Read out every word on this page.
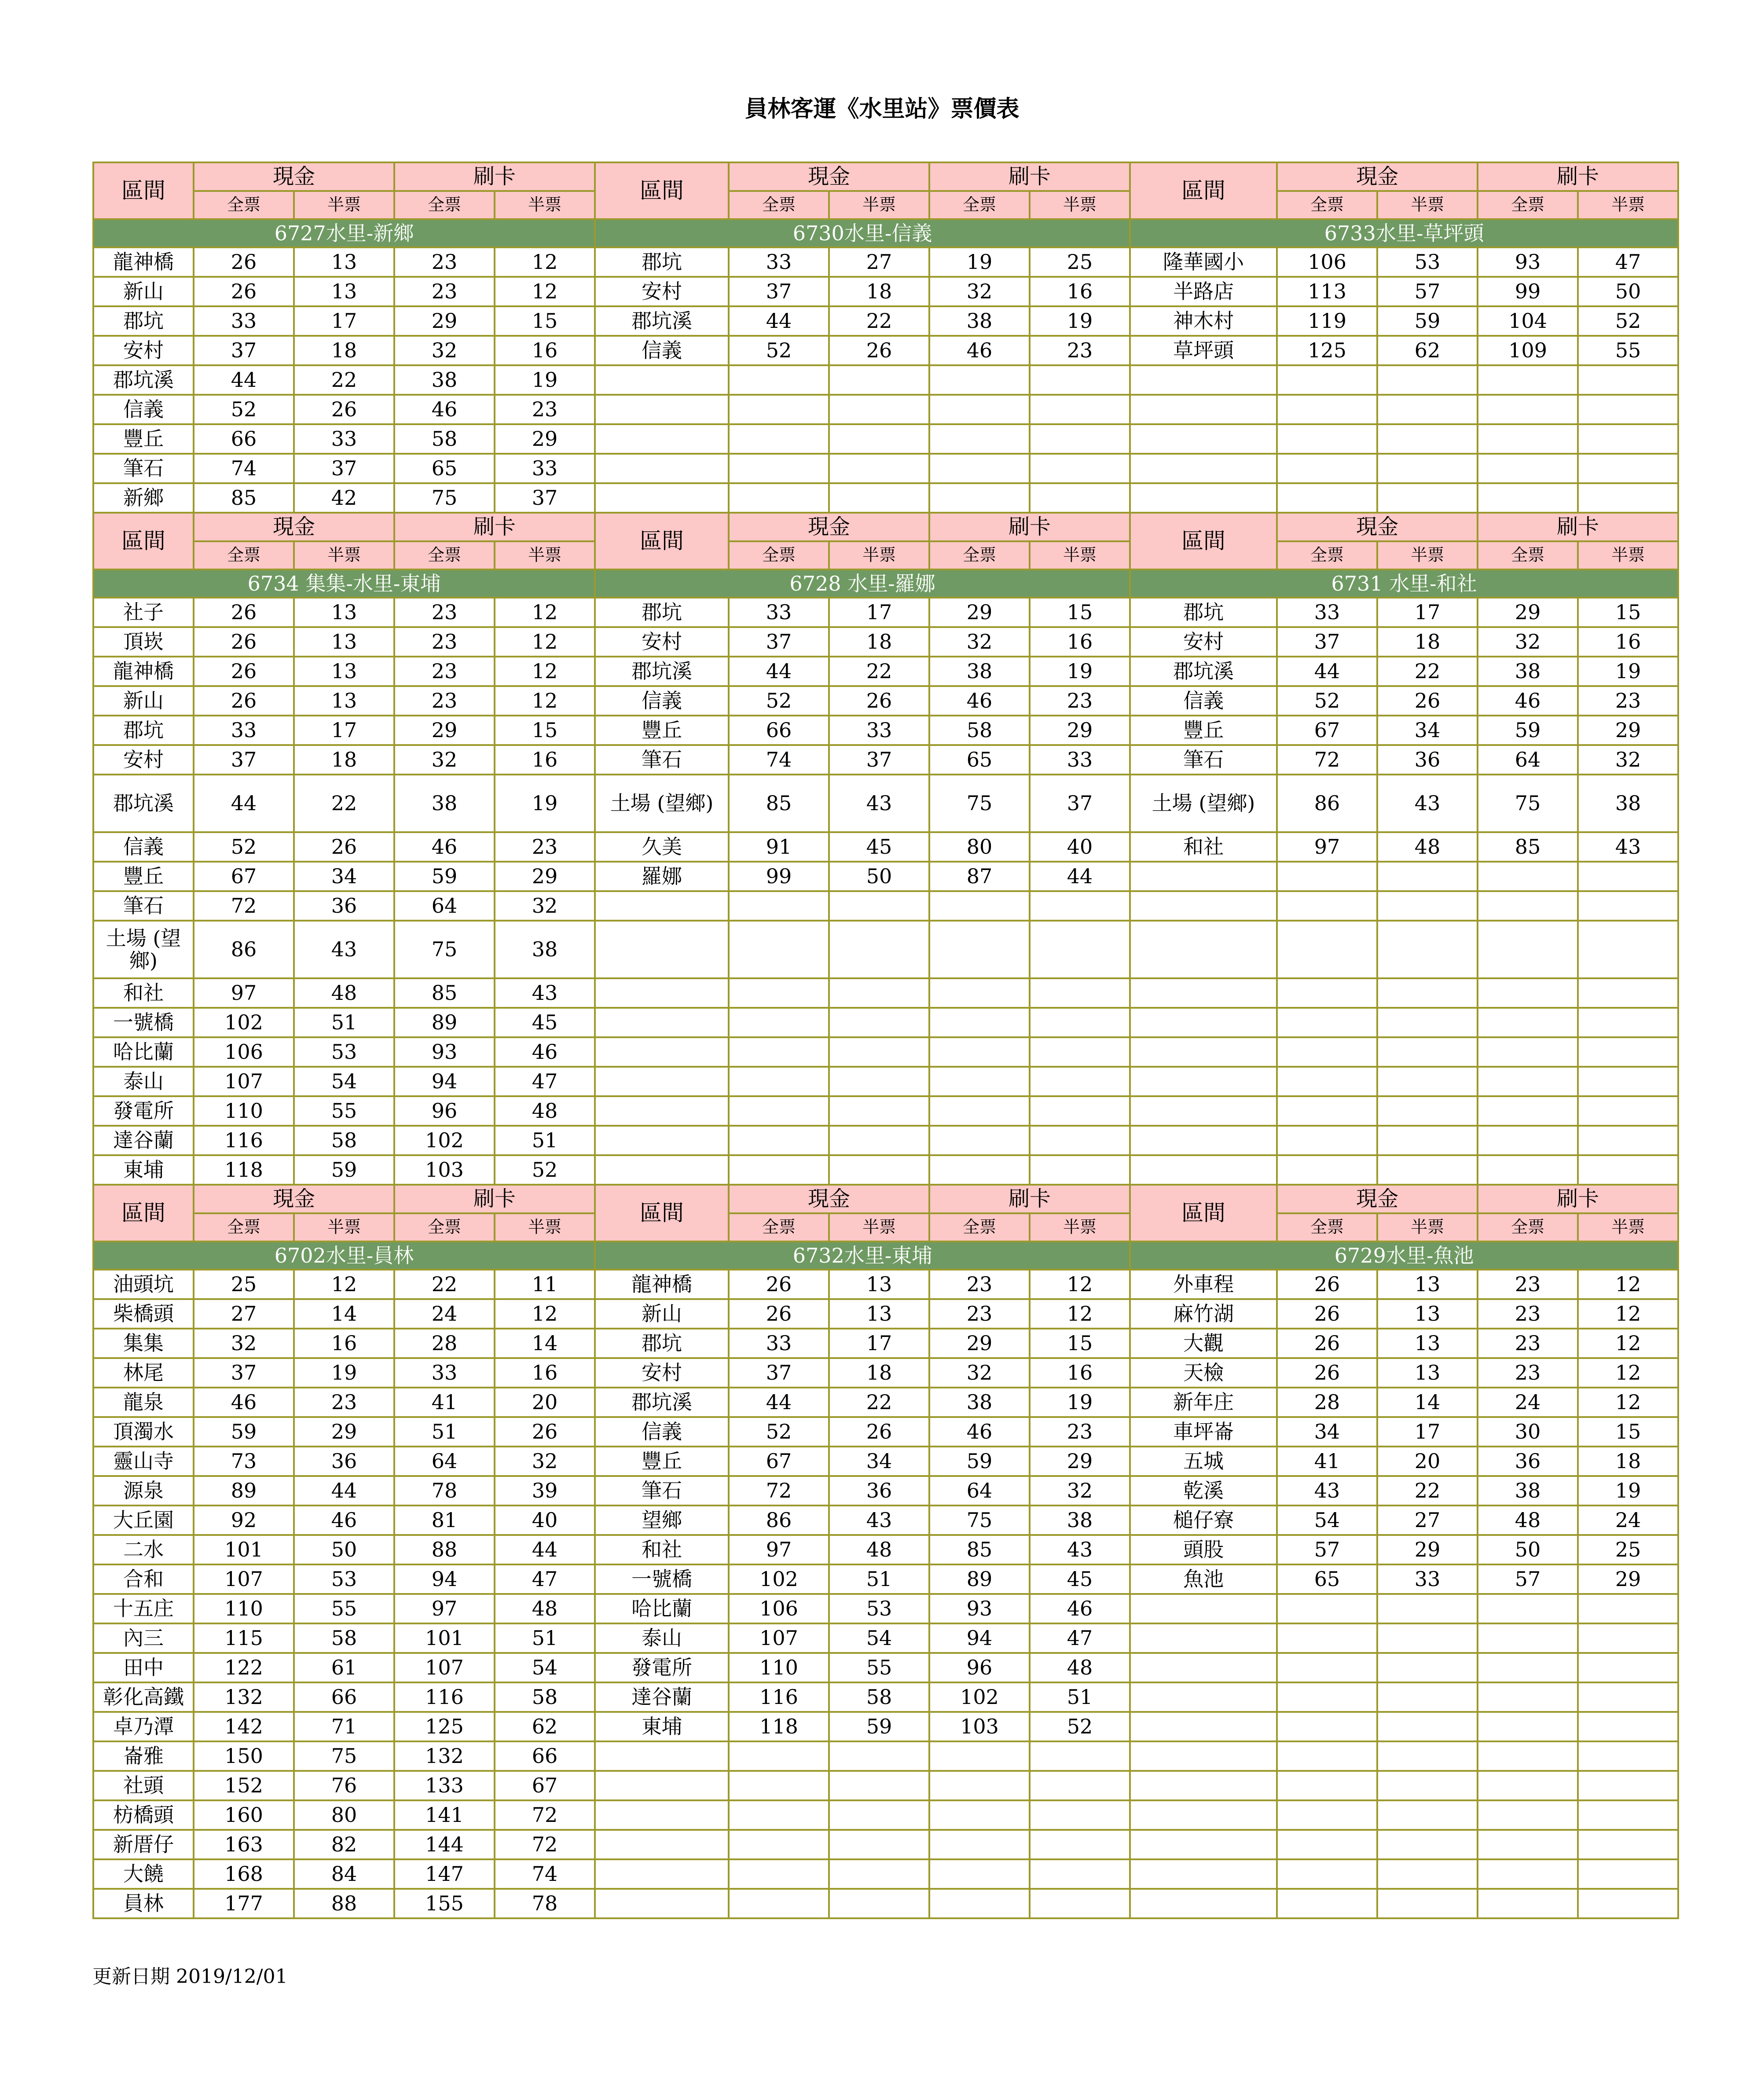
員林客運《水里站》票價表
區間	現金		刷卡		區間	現金		刷卡		區間	現金		刷卡	
	全票	半票	全票	半票		全票	半票	全票	半票		全票	半票	全票	半票
6727水里-新鄉					6730水里-信義					6733水里-草坪頭				
龍神橋	26	13	23	12	郡坑	33	27	19	25	隆華國小	106	53	93	47
新山	26	13	23	12	安村	37	18	32	16	半路店	113	57	99	50
郡坑	33	17	29	15	郡坑溪	44	22	38	19	神木村	119	59	104	52
安村	37	18	32	16	信義	52	26	46	23	草坪頭	125	62	109	55
郡坑溪	44	22	38	19										
信義	52	26	46	23										
豐丘	66	33	58	29										
筆石	74	37	65	33										
新鄉	85	42	75	37										
區間	現金		刷卡		區間	現金		刷卡		區間	現金		刷卡	
	全票	半票	全票	半票		全票	半票	全票	半票		全票	半票	全票	半票
6734 集集-水里-東埔					6728 水里-羅娜					6731 水里-和社				
社子	26	13	23	12	郡坑	33	17	29	15	郡坑	33	17	29	15
頂崁	26	13	23	12	安村	37	18	32	16	安村	37	18	32	16
龍神橋	26	13	23	12	郡坑溪	44	22	38	19	郡坑溪	44	22	38	19
新山	26	13	23	12	信義	52	26	46	23	信義	52	26	46	23
郡坑	33	17	29	15	豐丘	66	33	58	29	豐丘	67	34	59	29
安村	37	18	32	16	筆石	74	37	65	33	筆石	72	36	64	32
郡坑溪	44	22	38	19	土場 (望鄉)	85	43	75	37	土場 (望鄉)	86	43	75	38
信義	52	26	46	23	久美	91	45	80	40	和社	97	48	85	43
豐丘	67	34	59	29	羅娜	99	50	87	44					
筆石	72	36	64	32										
土場 (望鄉)	86	43	75	38										
和社	97	48	85	43										
一號橋	102	51	89	45										
哈比蘭	106	53	93	46										
泰山	107	54	94	47										
發電所	110	55	96	48										
達谷蘭	116	58	102	51										
東埔	118	59	103	52										
區間	現金		刷卡		區間	現金		刷卡		區間	現金		刷卡	
	全票	半票	全票	半票		全票	半票	全票	半票		全票	半票	全票	半票
6702水里-員林					6732水里-東埔					6729水里-魚池				
油頭坑	25	12	22	11	龍神橋	26	13	23	12	外車程	26	13	23	12
柴橋頭	27	14	24	12	新山	26	13	23	12	麻竹湖	26	13	23	12
集集	32	16	28	14	郡坑	33	17	29	15	大觀	26	13	23	12
林尾	37	19	33	16	安村	37	18	32	16	天檢	26	13	23	12
龍泉	46	23	41	20	郡坑溪	44	22	38	19	新年庄	28	14	24	12
頂濁水	59	29	51	26	信義	52	26	46	23	車坪崙	34	17	30	15
靈山寺	73	36	64	32	豐丘	67	34	59	29	五城	41	20	36	18
源泉	89	44	78	39	筆石	72	36	64	32	乾溪	43	22	38	19
大丘園	92	46	81	40	望鄉	86	43	75	38	槌仔寮	54	27	48	24
二水	101	50	88	44	和社	97	48	85	43	頭股	57	29	50	25
合和	107	53	94	47	一號橋	102	51	89	45	魚池	65	33	57	29
十五庄	110	55	97	48	哈比蘭	106	53	93	46					
內三	115	58	101	51	泰山	107	54	94	47					
田中	122	61	107	54	發電所	110	55	96	48					
彰化高鐵	132	66	116	58	達谷蘭	116	58	102	51					
卓乃潭	142	71	125	62	東埔	118	59	103	52					
崙雅	150	75	132	66										
社頭	152	76	133	67										
枋橋頭	160	80	141	72										
新厝仔	163	82	144	72										
大饒	168	84	147	74										
員林	177	88	155	78										
更新日期 2019/12/01
